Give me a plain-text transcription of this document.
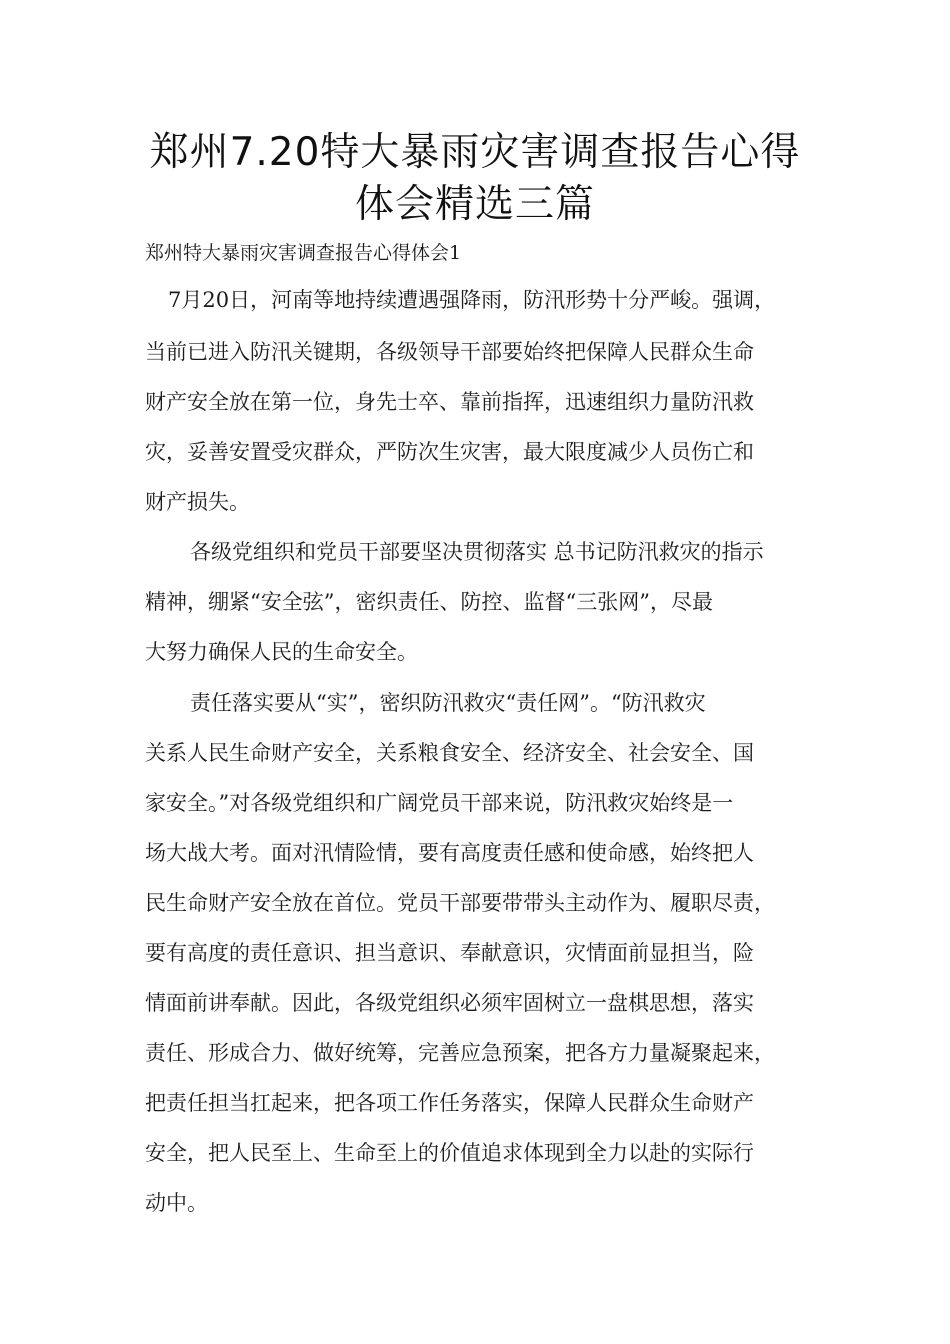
郑州7.20特大暴雨灾害调查报告心得
体会精选三篇
郑州特大暴雨灾害调查报告心得体会1
7月20日，河南等地持续遭遇强降雨，防汛形势十分严峻。强调，
当前已进入防汛关键期，各级领导干部要始终把保障人民群众生命
财产安全放在第一位，身先士卒、靠前指挥，迅速组织力量防汛救
灾，妥善安置受灾群众，严防次生灾害，最大限度减少人员伤亡和
财产损失。
各级党组织和党员干部要坚决贯彻落实 总书记防汛救灾的指示
精神，绷紧“安全弦”，密织责任、防控、监督“三张网”，尽最
大努力确保人民的生命安全。
责任落实要从“实”，密织防汛救灾“责任网”。“防汛救灾
关系人民生命财产安全，关系粮食安全、经济安全、社会安全、国
家安全。”对各级党组织和广阔党员干部来说，防汛救灾始终是一
场大战大考。面对汛情险情，要有高度责任感和使命感，始终把人
民生命财产安全放在首位。党员干部要带带头主动作为、履职尽责，
要有高度的责任意识、担当意识、奉献意识，灾情面前显担当，险
情面前讲奉献。因此，各级党组织必须牢固树立一盘棋思想，落实
责任、形成合力、做好统筹，完善应急预案，把各方力量凝聚起来，
把责任担当扛起来，把各项工作任务落实，保障人民群众生命财产
安全，把人民至上、生命至上的价值追求体现到全力以赴的实际行
动中。
